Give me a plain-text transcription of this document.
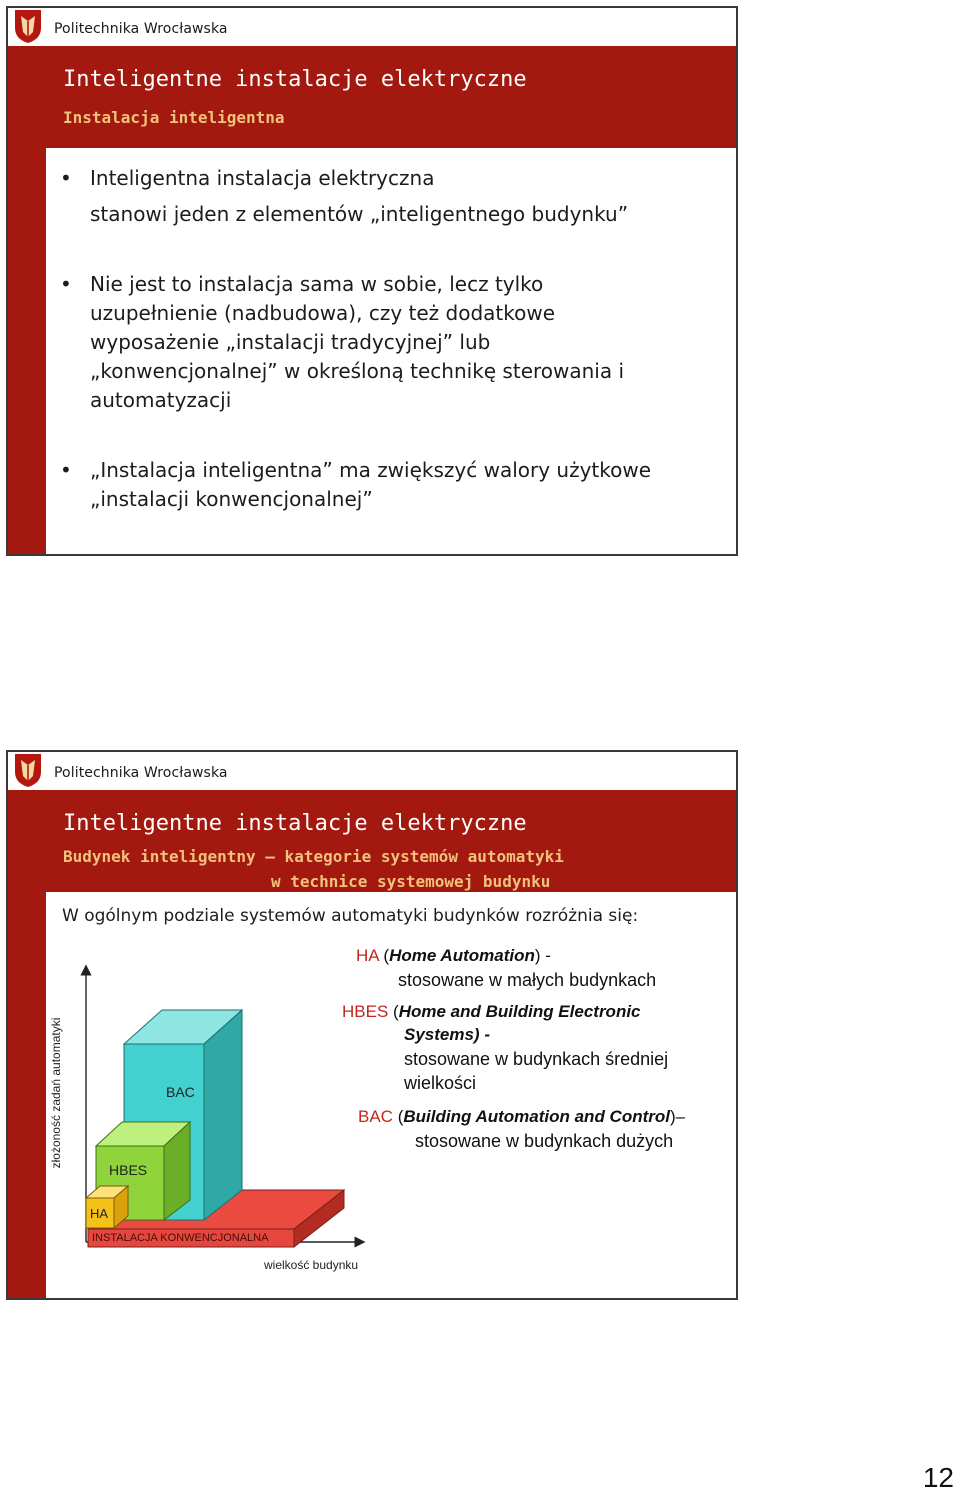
Politechnika Wrocławska
Inteligentne instalacje elektryczne
Instalacja inteligentna
• Inteligentna instalacja elektryczna
stanowi jeden z elementów „inteligentnego budynku”
• Nie jest to instalacja sama w sobie, lecz tylko
uzupełnienie (nadbudowa), czy też dodatkowe
wyposażenie „instalacji tradycyjnej” lub
„konwencjonalnej” w określoną technikę sterowania i
automatyzacji
• „Instalacja inteligentna” ma zwiększyć walory użytkowe
„instalacji konwencjonalnej”
Politechnika Wrocławska
Inteligentne instalacje elektryczne
Budynek inteligentny – kategorie systemów automatyki
w technice systemowej budynku
W ogólnym podziale systemów automatyki budynków rozróżnia się:
złożoność zadań automatyki
wielkość budynku
INSTALACJA KONWENCJONALNA
HA
HBES
BAC
HA (Home Automation) -
stosowane w małych budynkach
HBES (Home and Building Electronic
Systems) -
stosowane w budynkach średniej
wielkości
BAC (Building Automation and Control)–
stosowane w budynkach dużych
12
